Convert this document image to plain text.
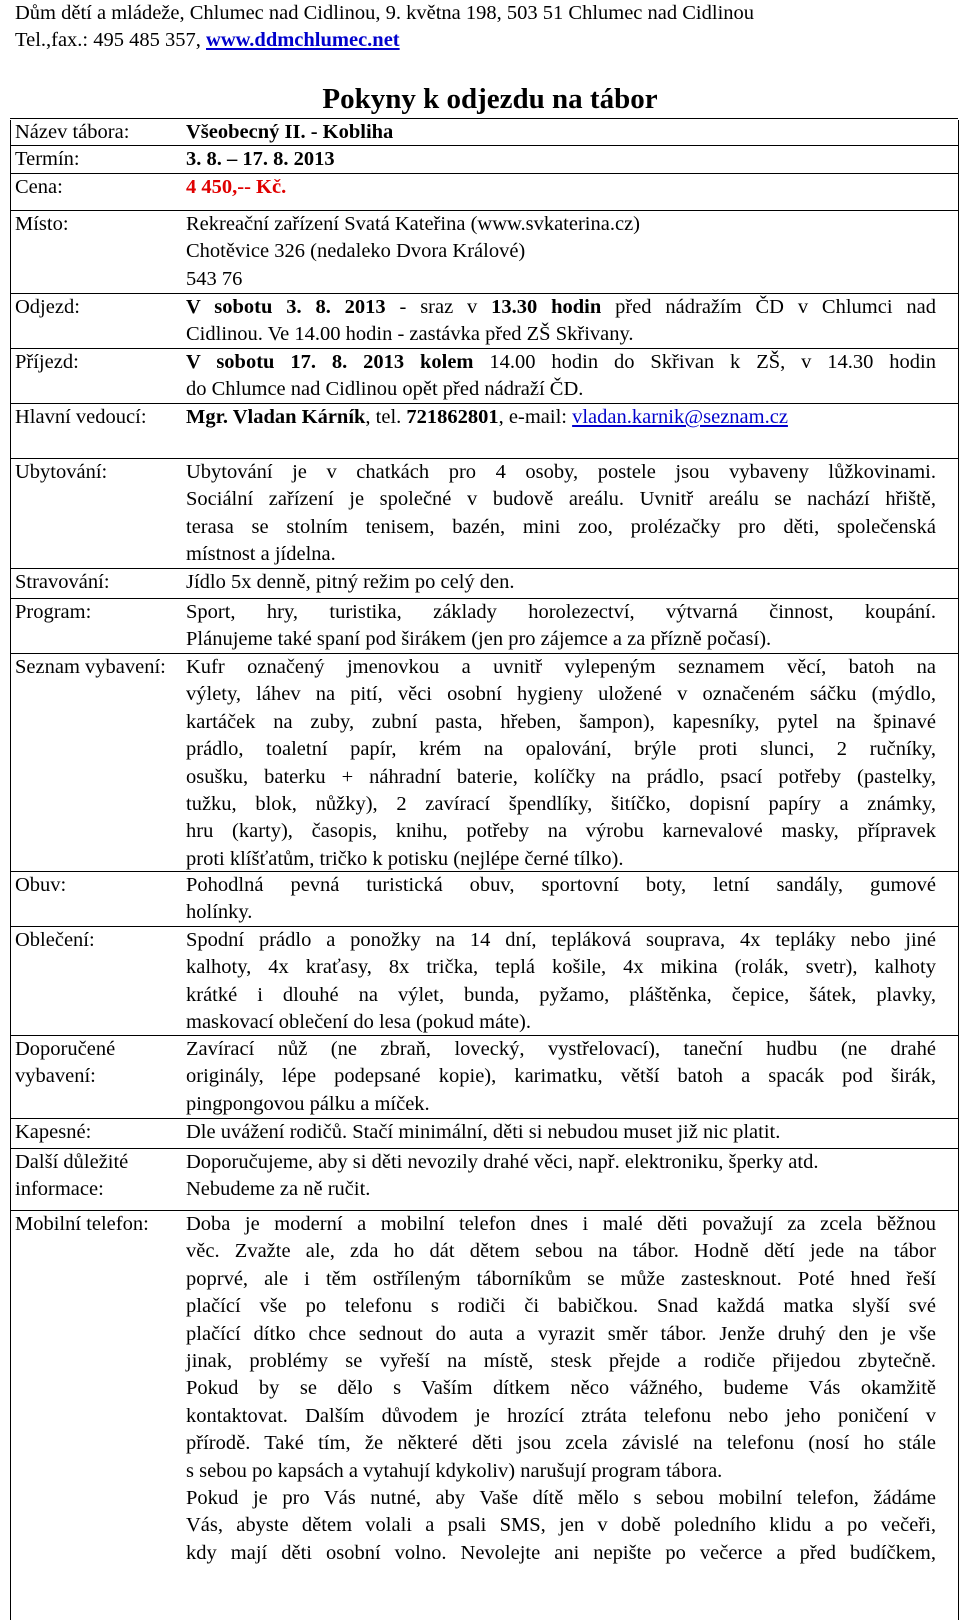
Dům dětí a mládeže, Chlumec nad Cidlinou, 9. května 198, 503 51 Chlumec nad Cidlinou
Tel.,fax.: 495 485 357, www.ddmchlumec.net
Pokyny k odjezdu na tábor
Název tábora:	Všeobecný II. - Kobliha
Termín:	3. 8. – 17. 8. 2013
Cena:	4 450,-- Kč.
Místo:	Rekreační zařízení Svatá Kateřina (www.svkaterina.cz)

Chotěvice 326 (nedaleko Dvora Králové)

543 76

Odjezd:	V sobotu 3. 8. 2013 - sraz v 13.30 hodin před nádražím ČD v Chlumci nad
Cidlinou. Ve 14.00 hodin - zastávka před ZŠ Skřivany.
Příjezd:	V sobotu 17. 8. 2013 kolem 14.00 hodin do Skřivan k ZŠ, v 14.30 hodin
do Chlumce nad Cidlinou opět před nádraží ČD.
Hlavní vedoucí:	Mgr. Vladan Kárník, tel. 721862801, e-mail: vladan.karnik@seznam.cz
Ubytování:	Ubytování je v chatkách pro 4 osoby, postele jsou vybaveny lůžkovinami.
Sociální zařízení je společné v budově areálu. Uvnitř areálu se nachází hřiště,
terasa se stolním tenisem, bazén, mini zoo, prolézačky pro děti, společenská
místnost a jídelna.
Stravování:	Jídlo 5x denně, pitný režim po celý den.
Program:	Sport, hry, turistika, základy horolezectví, výtvarná činnost, koupání.
Plánujeme také spaní pod širákem (jen pro zájemce a za přízně počasí).
Seznam vybavení: Kufr označený jmenovkou a uvnitř vylepeným seznamem věcí, batoh na
výlety, láhev na pití, věci osobní hygieny uložené v označeném sáčku (mýdlo,
kartáček na zuby, zubní pasta, hřeben, šampon), kapesníky, pytel na špinavé
prádlo, toaletní papír, krém na opalování, brýle proti slunci, 2 ručníky,
osušku, baterku + náhradní baterie, kolíčky na prádlo, psací potřeby (pastelky,
tužku, blok, nůžky), 2 zavírací špendlíky, šitíčko, dopisní papíry a známky,
hru (karty), časopis, knihu, potřeby na výrobu karnevalové masky, přípravek
proti klíšťatům, tričko k potisku (nejlépe černé tílko).
Obuv:	Pohodlná pevná turistická obuv, sportovní boty, letní sandály, gumové
holínky.
Oblečení:	Spodní prádlo a ponožky na 14 dní, tepláková souprava, 4x tepláky nebo jiné
kalhoty, 4x kraťasy, 8x trička, teplá košile, 4x mikina (rolák, svetr), kalhoty
krátké i dlouhé na výlet, bunda, pyžamo, pláštěnka, čepice, šátek, plavky,
maskovací oblečení do lesa (pokud máte).
Doporučené vybavení:
Zavírací nůž (ne zbraň, lovecký, vystřelovací), taneční hudbu (ne drahé
originály, lépe podepsané kopie), karimatku, větší batoh a spacák pod širák,
pingpongovou pálku a míček.
Kapesné:	Dle uvážení rodičů. Stačí minimální, děti si nebudou muset již nic platit.
Další důležité informace:

Doporučujeme, aby si děti nevozily drahé věci, např. elektroniku, šperky atd.

Nebudeme za ně ručit.

Mobilní telefon:	Doba je moderní a mobilní telefon dnes i malé děti považují za zcela běžnou
věc. Zvažte ale, zda ho dát dětem sebou na tábor. Hodně dětí jede na tábor
poprvé, ale i těm ostříleným táborníkům se může zastesknout. Poté hned řeší
plačící vše po telefonu s rodiči či babičkou. Snad každá matka slyší své
plačící dítko chce sednout do auta a vyrazit směr tábor. Jenže druhý den je vše
jinak, problémy se vyřeší na místě, stesk přejde a rodiče přijedou zbytečně.
Pokud by se dělo s Vaším dítkem něco vážného, budeme Vás okamžitě
kontaktovat. Dalším důvodem je hrozící ztráta telefonu nebo jeho poničení v
přírodě. Také tím, že některé děti jsou zcela závislé na telefonu (nosí ho stále
s sebou po kapsách a vytahují kdykoliv) narušují program tábora.
Pokud je pro Vás nutné, aby Vaše dítě mělo s sebou mobilní telefon, žádáme
Vás, abyste dětem volali a psali SMS, jen v době poledního klidu a po večeři,
kdy mají děti osobní volno. Nevolejte ani nepište po večerce a před budíčkem,
